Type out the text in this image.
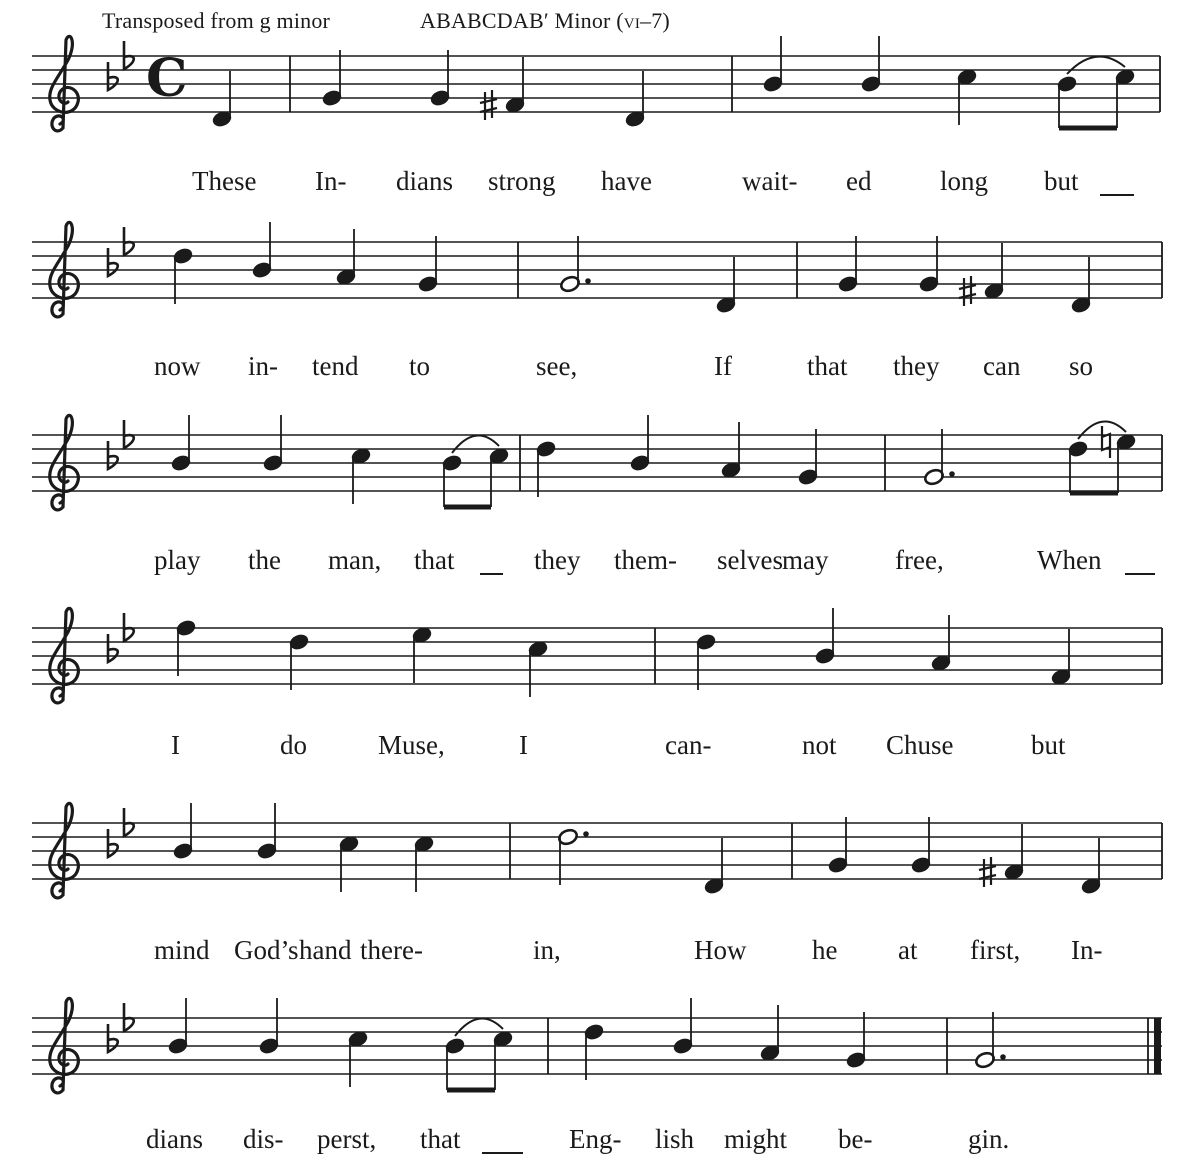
Transposed from g minor	ABABCDAB′ Minor (vi–7)
C
These In- dians strong have	wait- ed	long but
now in- tend to	see,	If	that they can so
play the man, that	they them- selves may free,	When
I	do	Muse,	I	can-	not Chuse	but
mind God’s hand there-	in,	How he at first, In-
dians dis- perst, that	Eng- lish might be-	gin.
